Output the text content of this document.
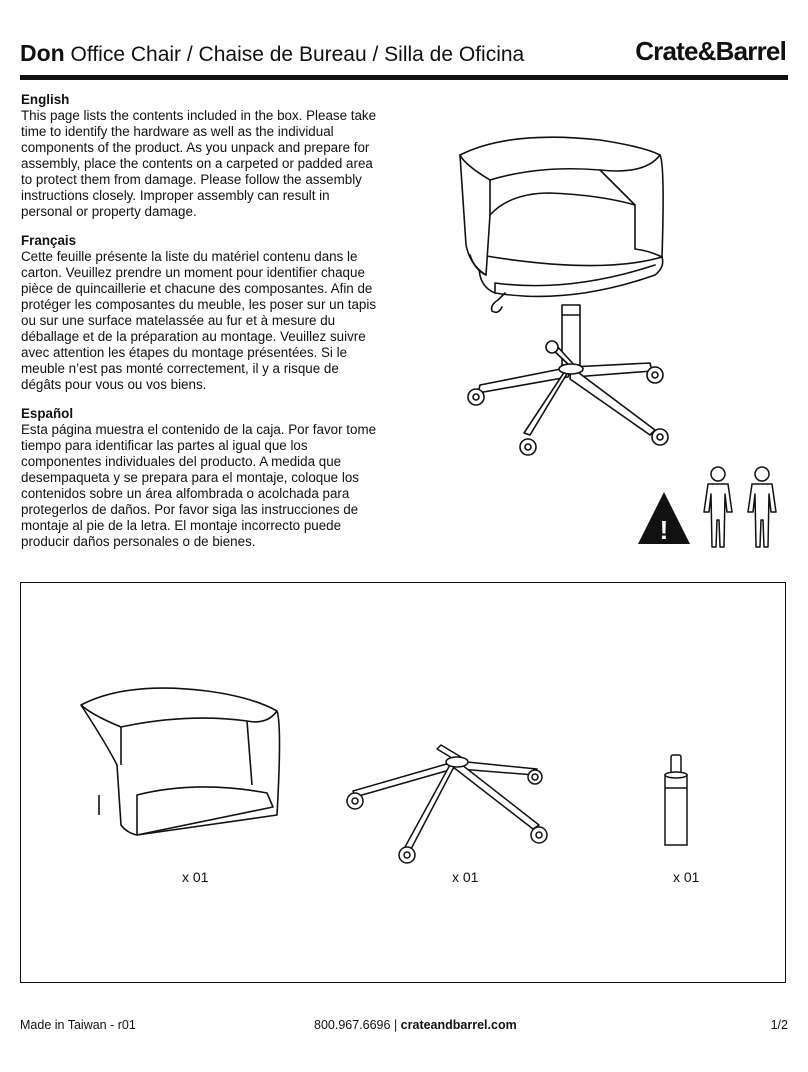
Don Office Chair / Chaise de Bureau / Silla de Oficina	Crate&Barrel
English
This page lists the contents included in the box. Please take time to identify the hardware as well as the individual components of the product. As you unpack and prepare for assembly, place the contents on a carpeted or padded area to protect them from damage. Please follow the assembly instructions closely. Improper assembly can result in personal or property damage.
Français
Cette feuille présente la liste du matériel contenu dans le carton. Veuillez prendre un moment pour identifier chaque pièce de quincaillerie et chacune des composantes. Afin de protéger les composantes du meuble, les poser sur un tapis ou sur une surface matelassée au fur et à mesure du déballage et de la préparation au montage. Veuillez suivre avec attention les étapes du montage présentées. Si le meuble n’est pas monté correctement, il y a risque de dégâts pour vous ou vos biens.
Español
Esta página muestra el contenido de la caja. Por favor tome tiempo para identificar las partes al igual que los componentes individuales del producto. A medida que desempaqueta y se prepara para el montaje, coloque los contenidos sobre un área alfombrada o acolchada para protegerlos de daños. Por favor siga las instrucciones de montaje al pie de la letra. El montaje incorrecto puede producir daños personales o de bienes.	!
x 01	x 01	x 01
Made in Taiwan - r01	800.967.6696 | crateandbarrel.com	1/2
